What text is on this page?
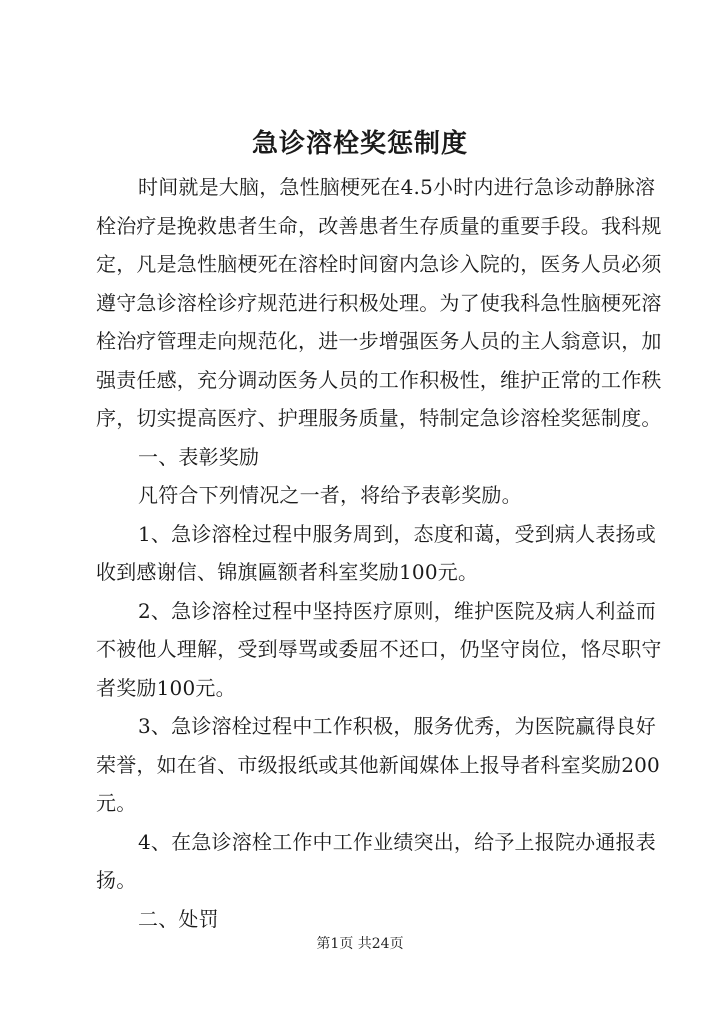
急诊溶栓奖惩制度
时间就是大脑，急性脑梗死在4.5小时内进行急诊动静脉溶
栓治疗是挽救患者生命，改善患者生存质量的重要手段。我科规
定，凡是急性脑梗死在溶栓时间窗内急诊入院的，医务人员必须
遵守急诊溶栓诊疗规范进行积极处理。为了使我科急性脑梗死溶
栓治疗管理走向规范化，进一步增强医务人员的主人翁意识，加
强责任感，充分调动医务人员的工作积极性，维护正常的工作秩
序，切实提高医疗、护理服务质量，特制定急诊溶栓奖惩制度。
一、表彰奖励
凡符合下列情况之一者，将给予表彰奖励。
1、急诊溶栓过程中服务周到，态度和蔼，受到病人表扬或
收到感谢信、锦旗匾额者科室奖励100元。
2、急诊溶栓过程中坚持医疗原则，维护医院及病人利益而
不被他人理解，受到辱骂或委屈不还口，仍坚守岗位，恪尽职守
者奖励100元。
3、急诊溶栓过程中工作积极，服务优秀，为医院赢得良好
荣誉，如在省、市级报纸或其他新闻媒体上报导者科室奖励200
元。
4、在急诊溶栓工作中工作业绩突出，给予上报院办通报表
扬。
二、处罚
第1页 共24页
